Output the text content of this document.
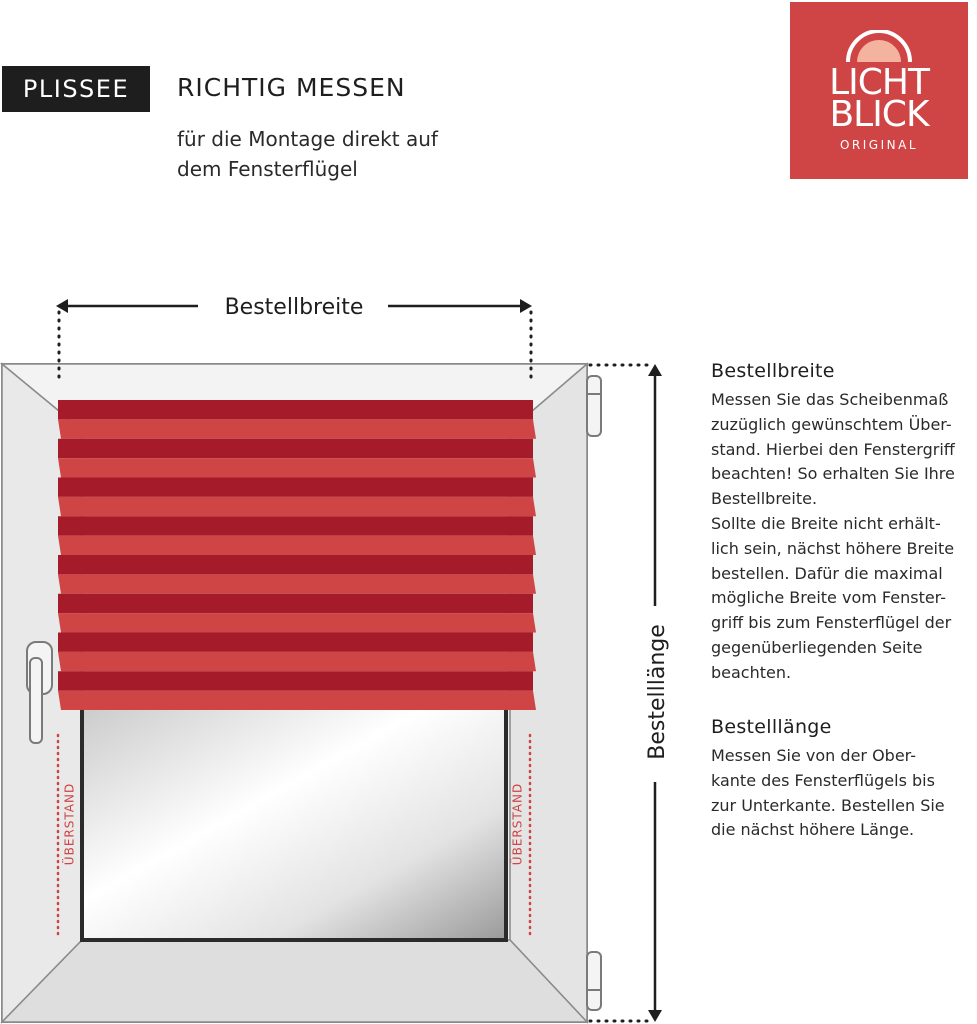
PLISSEE RICHTIG MESSEN
für die Montage direkt auf
dem Fensterflügel
LICHT
BLICK
ORIGINAL
Bestellbreite
Bestelllänge
ÜBERSTAND	ÜBERSTAND
Bestellbreite

Messen Sie das Scheibenmaß
zuzüglich gewünschtem Über-
stand. Hierbei den Fenstergriff
beachten! So erhalten Sie Ihre
Bestellbreite.
Sollte die Breite nicht erhält-
lich sein, nächst höhere Breite
bestellen. Dafür die maximal
mögliche Breite vom Fenster-
griff bis zum Fensterflügel der
gegenüberliegenden Seite
beachten.

Bestelllänge

Messen Sie von der Ober-
kante des Fensterflügels bis
zur Unterkante. Bestellen Sie
die nächst höhere Länge.
